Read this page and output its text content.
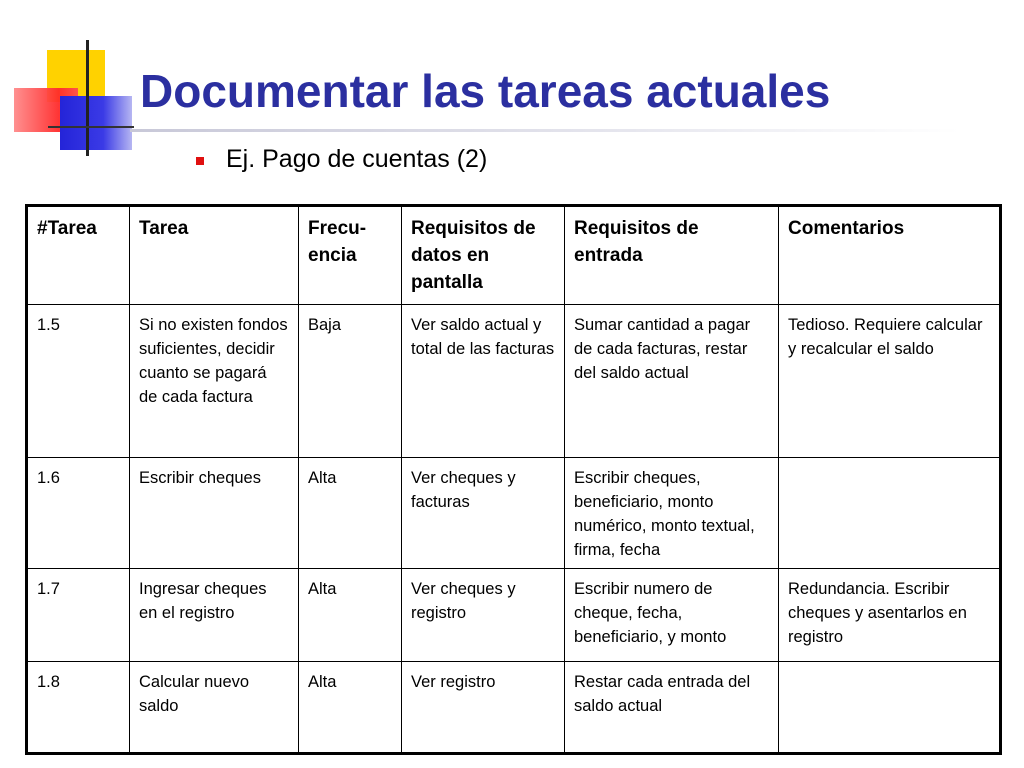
Documentar las tareas actuales
Ej. Pago de cuentas (2)
#Tarea	Tarea	Frecu-encia	Requisitos de datos en pantalla	Requisitos de entrada	Comentarios
1.5	Si no existen fondos suficientes, decidir cuanto se pagará de cada factura	Baja	Ver saldo actual y total de las facturas	Sumar cantidad a pagar de cada facturas, restar del saldo actual	Tedioso. Requiere calcular y recalcular el saldo
1.6	Escribir cheques	Alta	Ver cheques y facturas	Escribir cheques, beneficiario, monto numérico, monto textual, firma, fecha	
1.7	Ingresar cheques en el registro	Alta	Ver cheques y registro	Escribir numero de cheque, fecha, beneficiario, y monto	Redundancia. Escribir cheques y asentarlos en registro
1.8	Calcular nuevo saldo	Alta	Ver registro	Restar cada entrada del saldo actual	
